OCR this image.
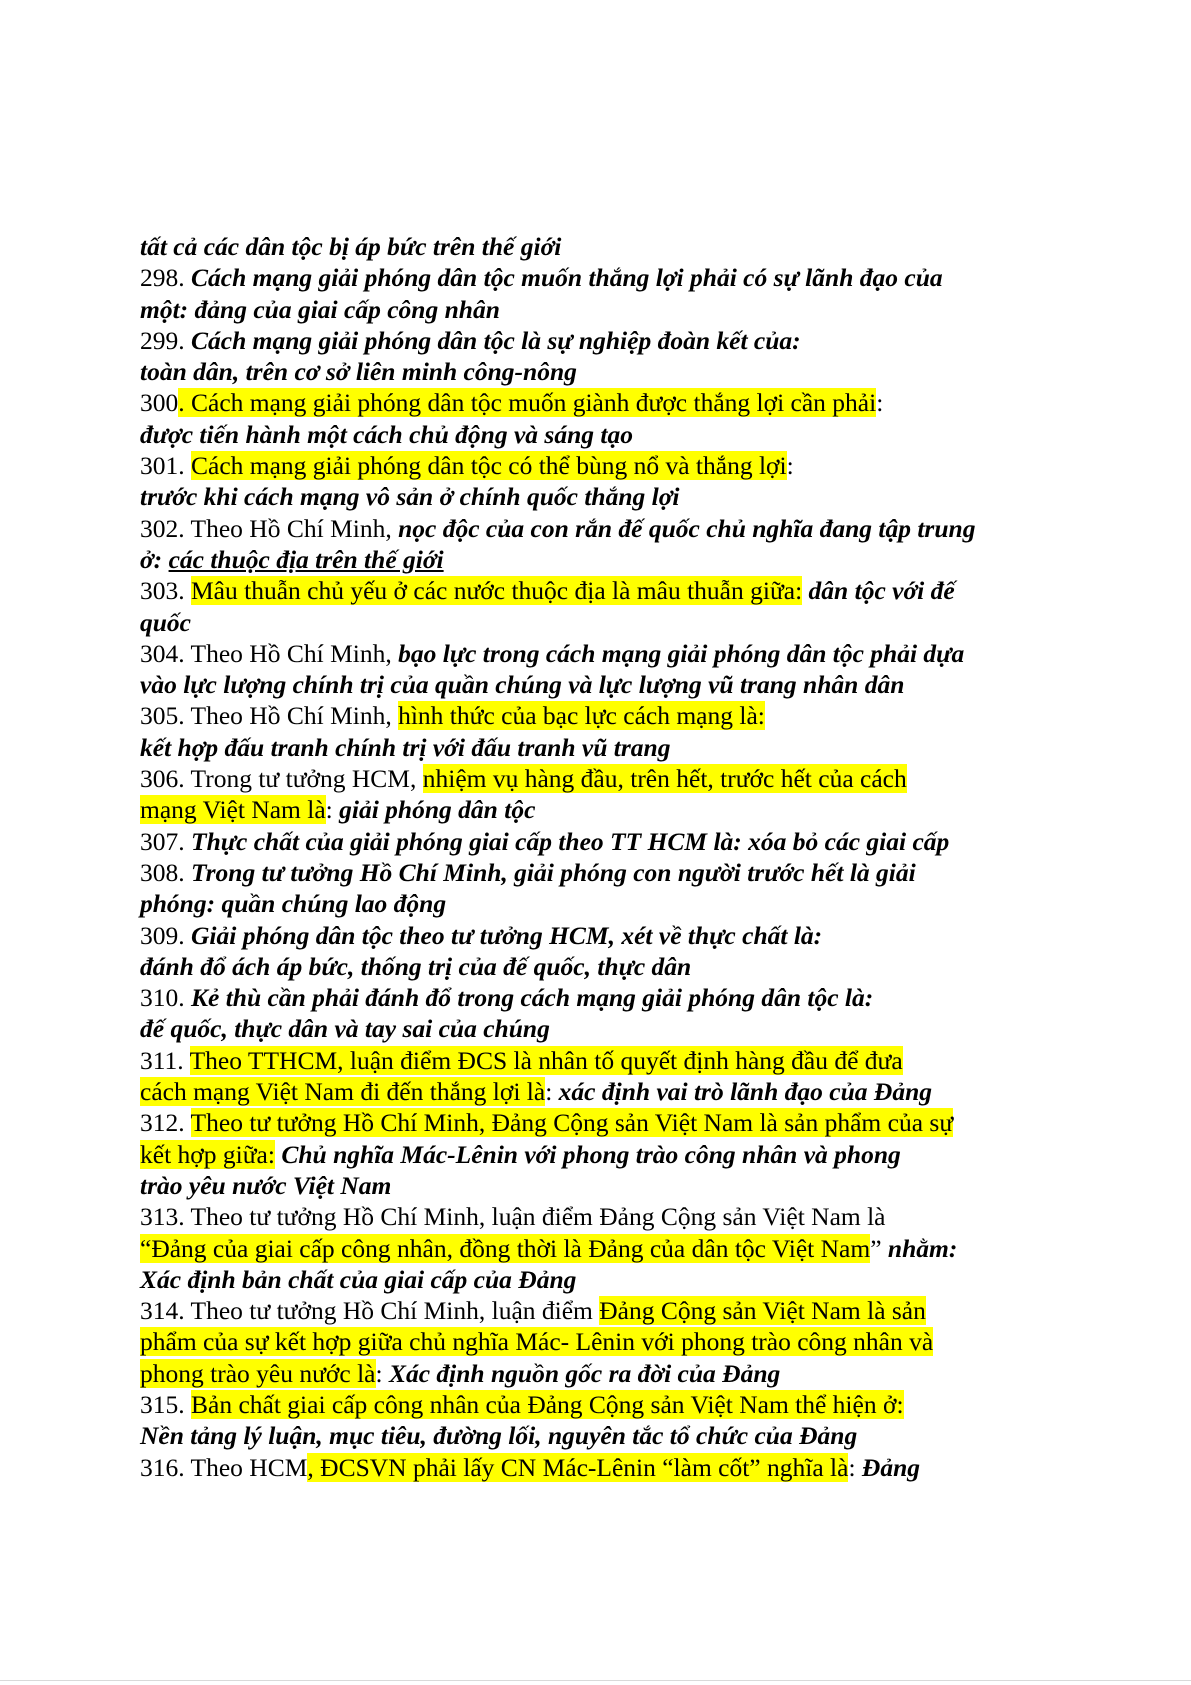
tất cả các dân tộc bị áp bức trên thế giới
298. Cách mạng giải phóng dân tộc muốn thắng lợi phải có sự lãnh đạo của
một: đảng của giai cấp công nhân
299. Cách mạng giải phóng dân tộc là sự nghiệp đoàn kết của:
toàn dân, trên cơ sở liên minh công-nông
300. Cách mạng giải phóng dân tộc muốn giành được thắng lợi cần phải:
được tiến hành một cách chủ động và sáng tạo
301. Cách mạng giải phóng dân tộc có thể bùng nổ và thắng lợi:
trước khi cách mạng vô sản ở chính quốc thắng lợi
302. Theo Hồ Chí Minh, nọc độc của con rắn đế quốc chủ nghĩa đang tập trung
ở: các thuộc địa trên thế giới
303. Mâu thuẫn chủ yếu ở các nước thuộc địa là mâu thuẫn giữa: dân tộc với đế
quốc
304. Theo Hồ Chí Minh, bạo lực trong cách mạng giải phóng dân tộc phải dựa
vào lực lượng chính trị của quần chúng và lực lượng vũ trang nhân dân
305. Theo Hồ Chí Minh, hình thức của bạc lực cách mạng là:
kết hợp đấu tranh chính trị với đấu tranh vũ trang
306. Trong tư tưởng HCM, nhiệm vụ hàng đầu, trên hết, trước hết của cách
mạng Việt Nam là: giải phóng dân tộc
307. Thực chất của giải phóng giai cấp theo TT HCM là: xóa bỏ các giai cấp
308. Trong tư tưởng Hồ Chí Minh, giải phóng con người trước hết là giải
phóng: quần chúng lao động
309. Giải phóng dân tộc theo tư tưởng HCM, xét về thực chất là:
đánh đổ ách áp bức, thống trị của đế quốc, thực dân
310. Kẻ thù cần phải đánh đổ trong cách mạng giải phóng dân tộc là:
đế quốc, thực dân và tay sai của chúng
311. Theo TTHCM, luận điểm ĐCS là nhân tố quyết định hàng đầu để đưa
cách mạng Việt Nam đi đến thắng lợi là: xác định vai trò lãnh đạo của Đảng
312. Theo tư tưởng Hồ Chí Minh, Đảng Cộng sản Việt Nam là sản phẩm của sự
kết hợp giữa: Chủ nghĩa Mác-Lênin với phong trào công nhân và phong
trào yêu nước Việt Nam
313. Theo tư tưởng Hồ Chí Minh, luận điểm Đảng Cộng sản Việt Nam là
“Đảng của giai cấp công nhân, đồng thời là Đảng của dân tộc Việt Nam” nhằm:
Xác định bản chất của giai cấp của Đảng
314. Theo tư tưởng Hồ Chí Minh, luận điểm Đảng Cộng sản Việt Nam là sản
phẩm của sự kết hợp giữa chủ nghĩa Mác- Lênin với phong trào công nhân và
phong trào yêu nước là: Xác định nguồn gốc ra đời của Đảng
315. Bản chất giai cấp công nhân của Đảng Cộng sản Việt Nam thể hiện ở:
Nền tảng lý luận, mục tiêu, đường lối, nguyên tắc tổ chức của Đảng
316. Theo HCM, ĐCSVN phải lấy CN Mác-Lênin “làm cốt” nghĩa là: Đảng
